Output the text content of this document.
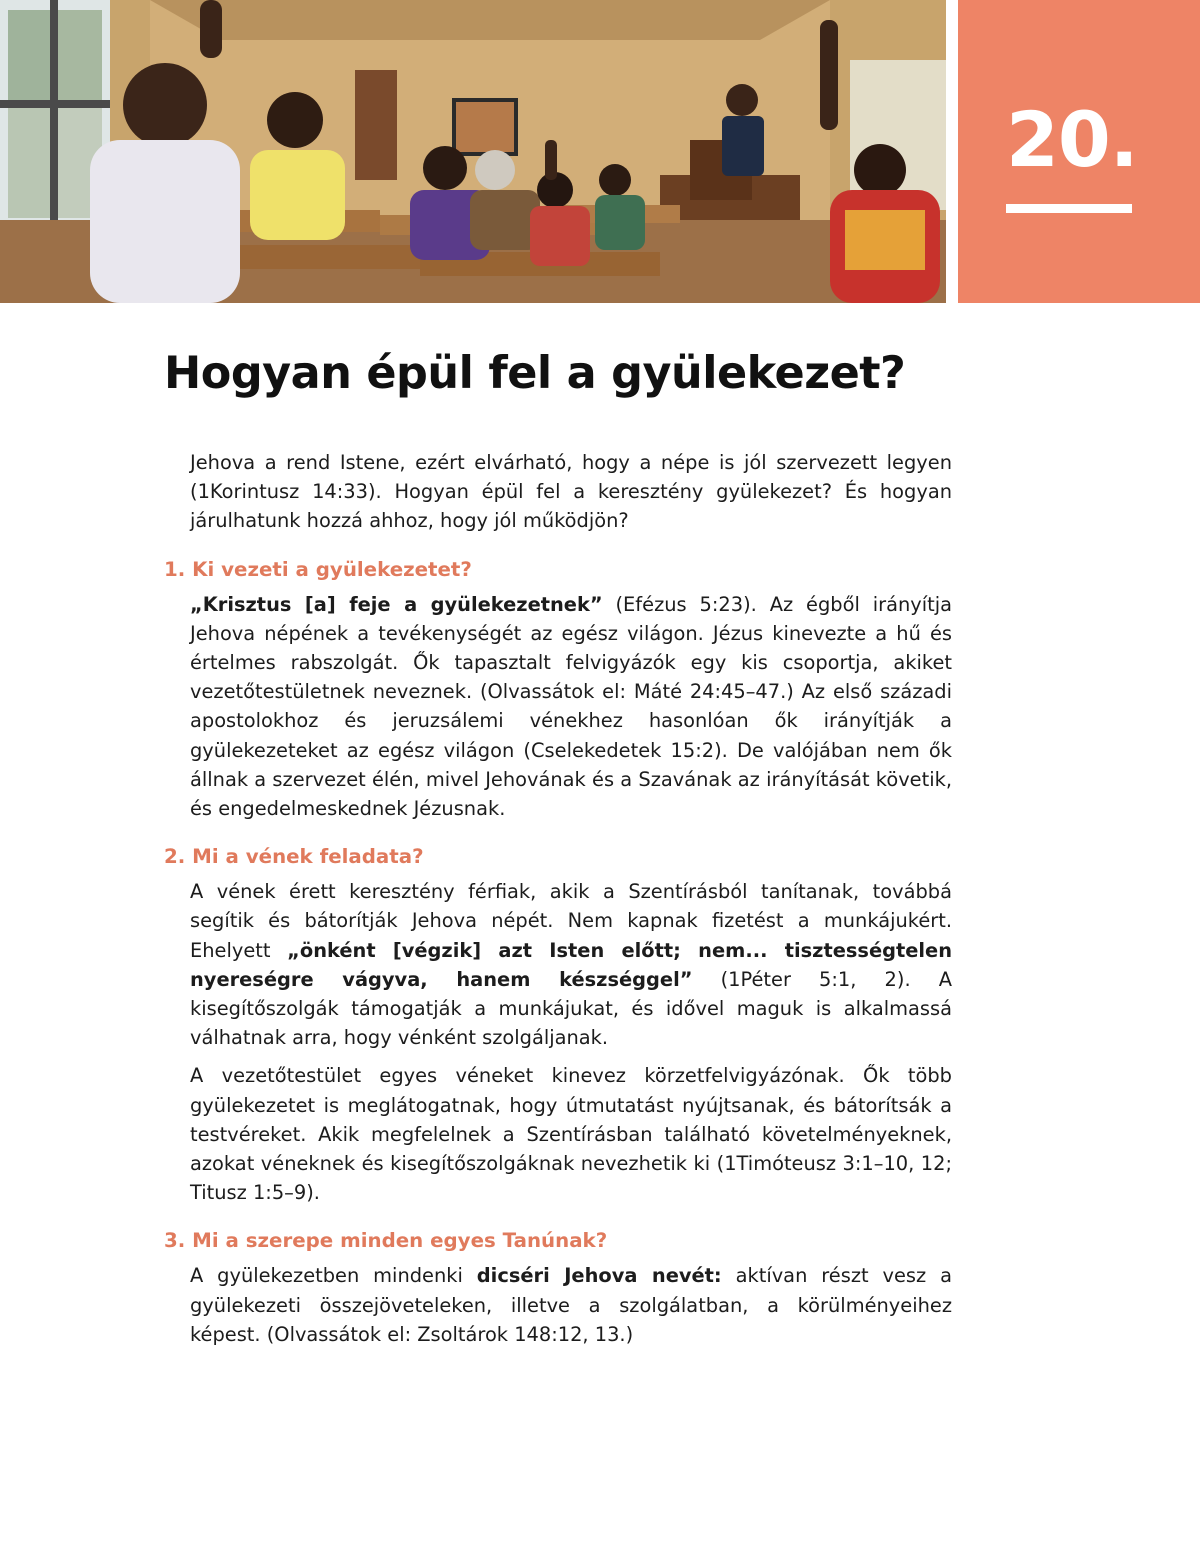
20.
Hogyan épül fel a gyülekezet?

Jehova a rend Istene, ezért elvárható, hogy a népe is jól szervezett legyen (1Korintusz 14:33). Hogyan épül fel a keresztény gyülekezet? És hogyan járulhatunk hozzá ahhoz, hogy jól működjön?

1. Ki vezeti a gyülekezetet?

„Krisztus [a] feje a gyülekezetnek” (Efézus 5:23). Az égből irányítja Jehova népének a tevékenységét az egész világon. Jézus kinevezte a hű és értelmes rabszolgát. Ők tapasztalt felvigyázók egy kis csoportja, akiket vezetőtestületnek neveznek. (Olvassátok el: Máté 24:45–47.) Az első századi apostolokhoz és jeruzsálemi vénekhez hasonlóan ők irányítják a gyülekezeteket az egész világon (Cselekedetek 15:2). De valójában nem ők állnak a szervezet élén, mivel Jehovának és a Szavának az irányítását követik, és engedelmeskednek Jézusnak.

2. Mi a vének feladata?

A vének érett keresztény férfiak, akik a Szentírásból tanítanak, továbbá segítik és bátorítják Jehova népét. Nem kapnak fizetést a munkájukért. Ehelyett „önként [végzik] azt Isten előtt; nem... tisztességtelen nyereségre vágyva, hanem készséggel” (1Péter 5:1, 2). A kisegítőszolgák támogatják a munkájukat, és idővel maguk is alkalmassá válhatnak arra, hogy vénként szolgáljanak.

A vezetőtestület egyes véneket kinevez körzetfelvigyázónak. Ők több gyülekezetet is meglátogatnak, hogy útmutatást nyújtsanak, és bátorítsák a testvéreket. Akik megfelelnek a Szentírásban található követelményeknek, azokat véneknek és kisegítőszolgáknak nevezhetik ki (1Timóteusz 3:1–10, 12; Titusz 1:5–9).

3. Mi a szerepe minden egyes Tanúnak?

A gyülekezetben mindenki dicséri Jehova nevét: aktívan részt vesz a gyülekezeti összejöveteleken, illetve a szolgálatban, a körülményeihez képest. (Olvassátok el: Zsoltárok 148:12, 13.)
